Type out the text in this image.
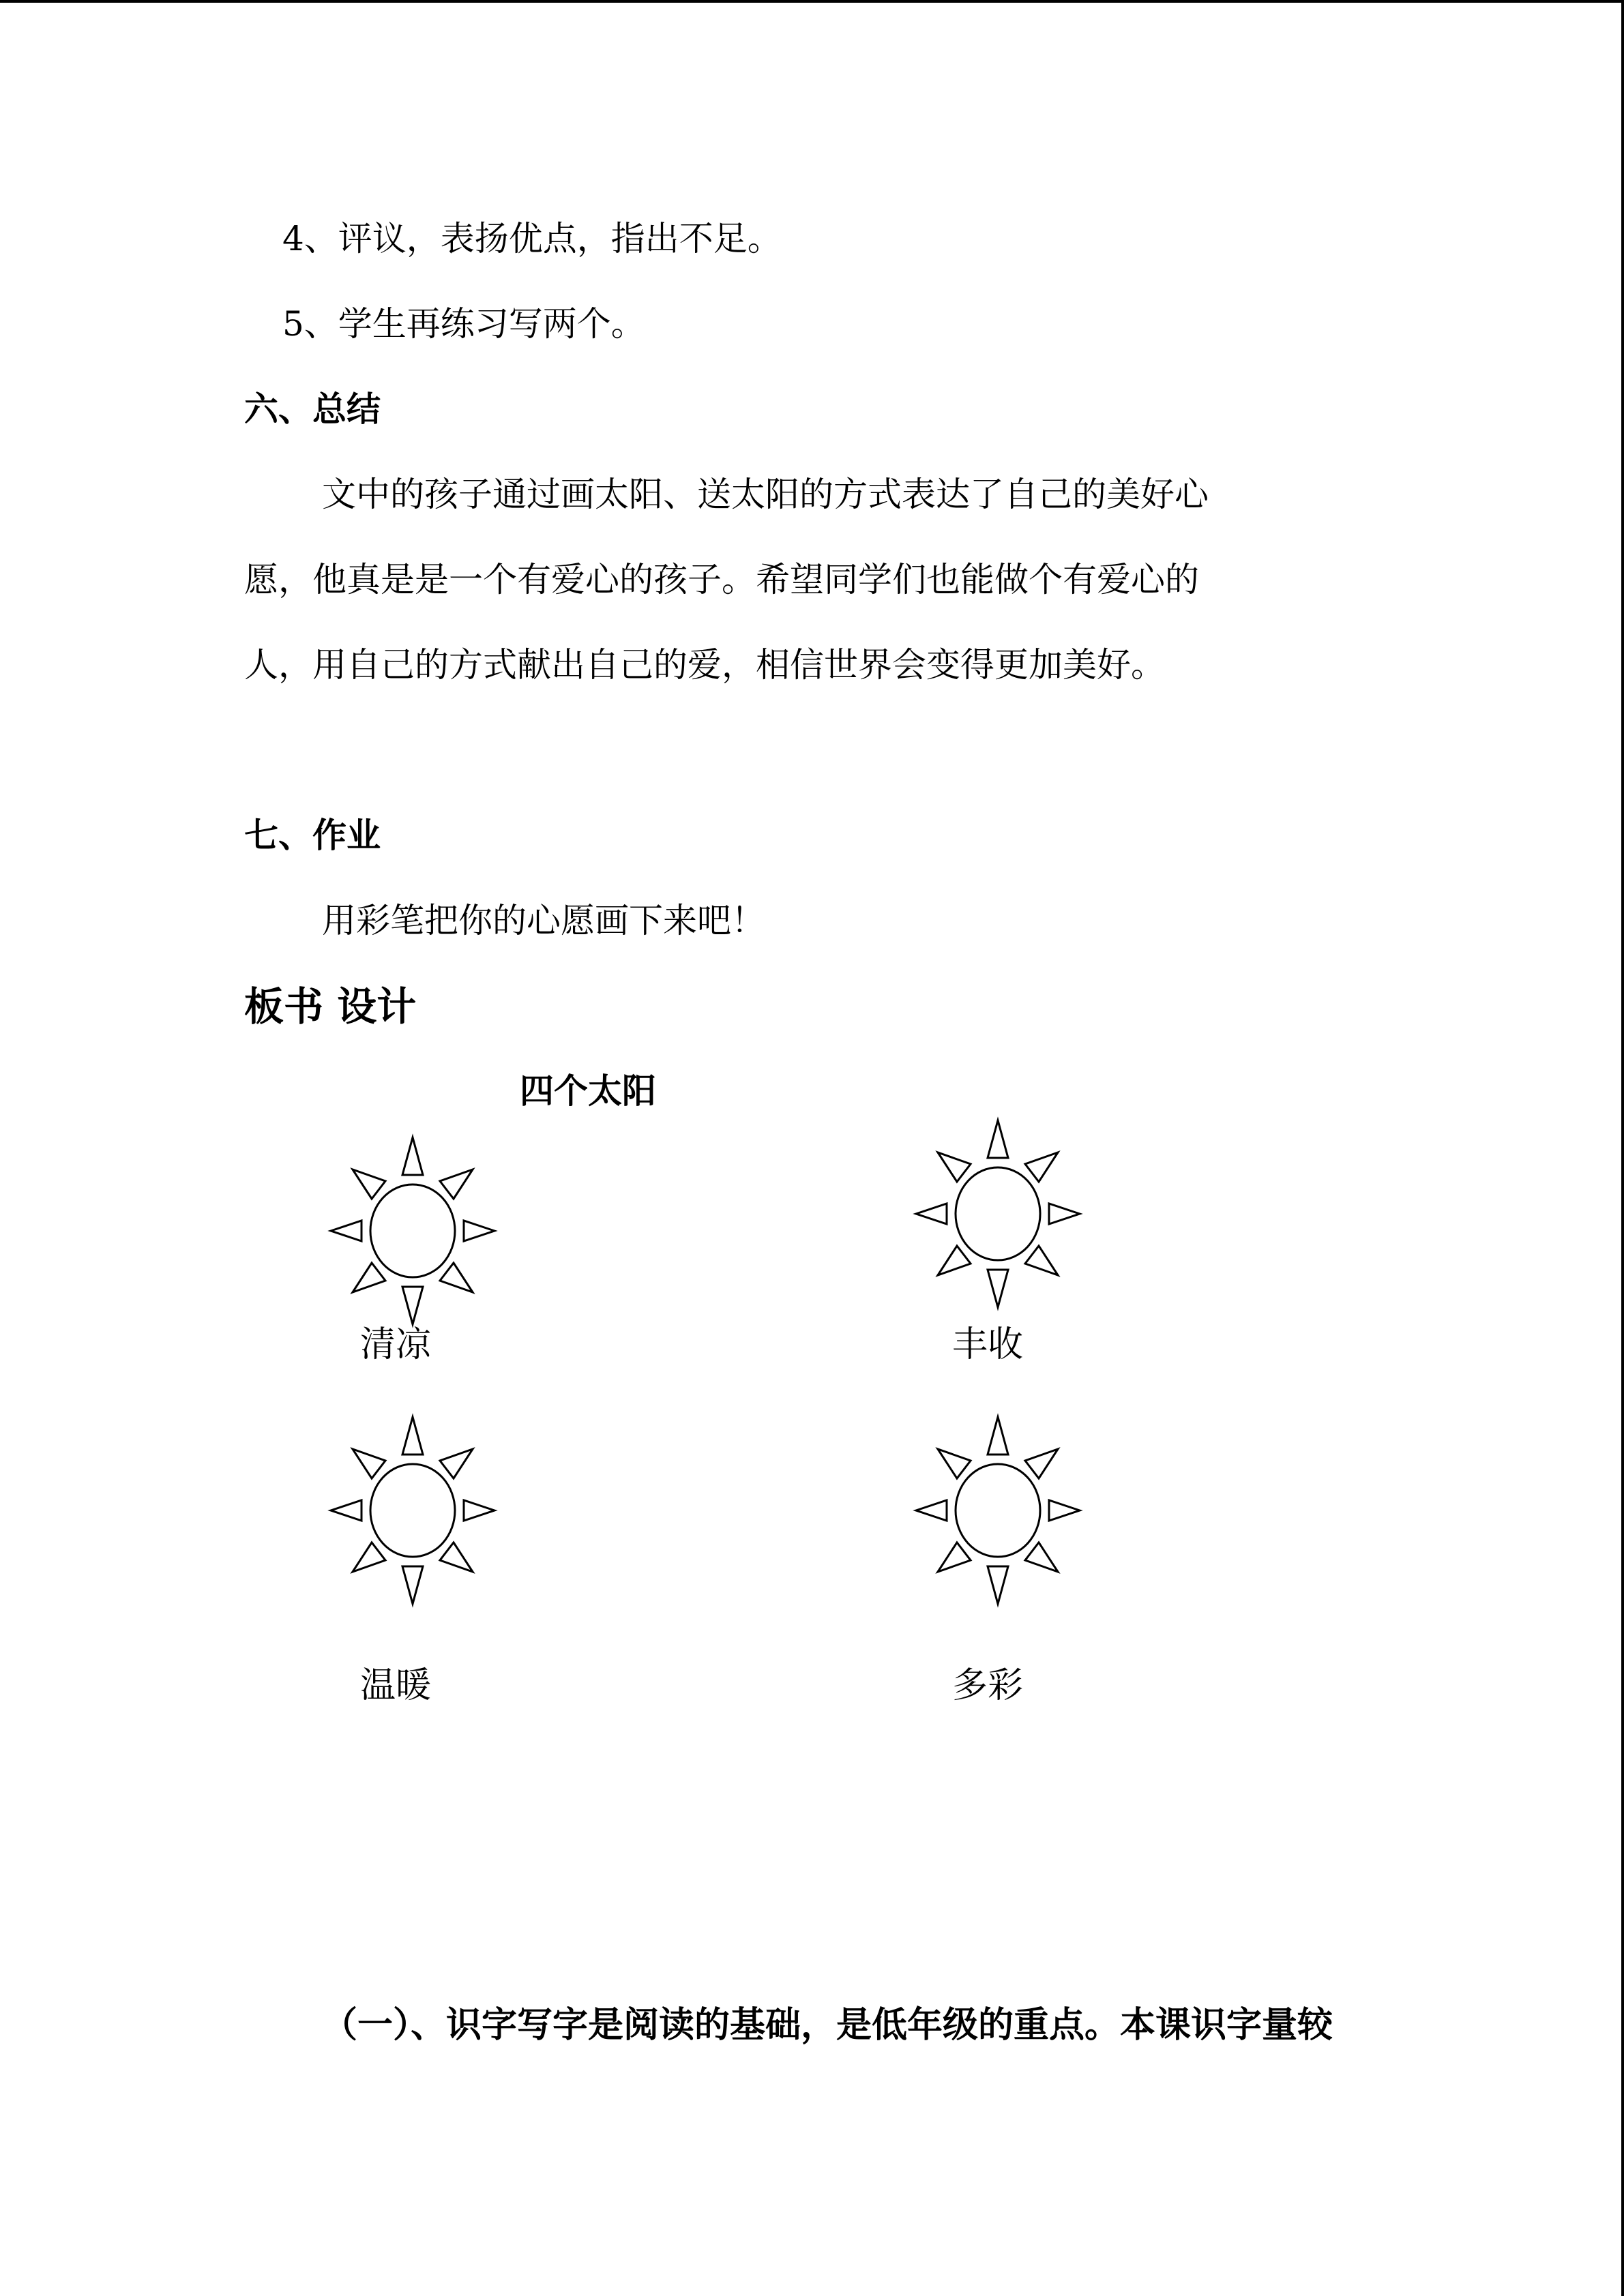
4、评议，表扬优点，指出不足。
5、学生再练习写两个。
六、总结
文中的孩子通过画太阳、送太阳的方式表达了自己的美好心
愿，他真是是一个有爱心的孩子。希望同学们也能做个有爱心的
人，用自己的方式献出自己的爱，相信世界会变得更加美好。
七、作业
用彩笔把你的心愿画下来吧！
板书 设计
四个太阳
清凉	丰收
温暖	多彩
（一）、识字写字是阅读的基础，是低年级的重点。本课识字量较
